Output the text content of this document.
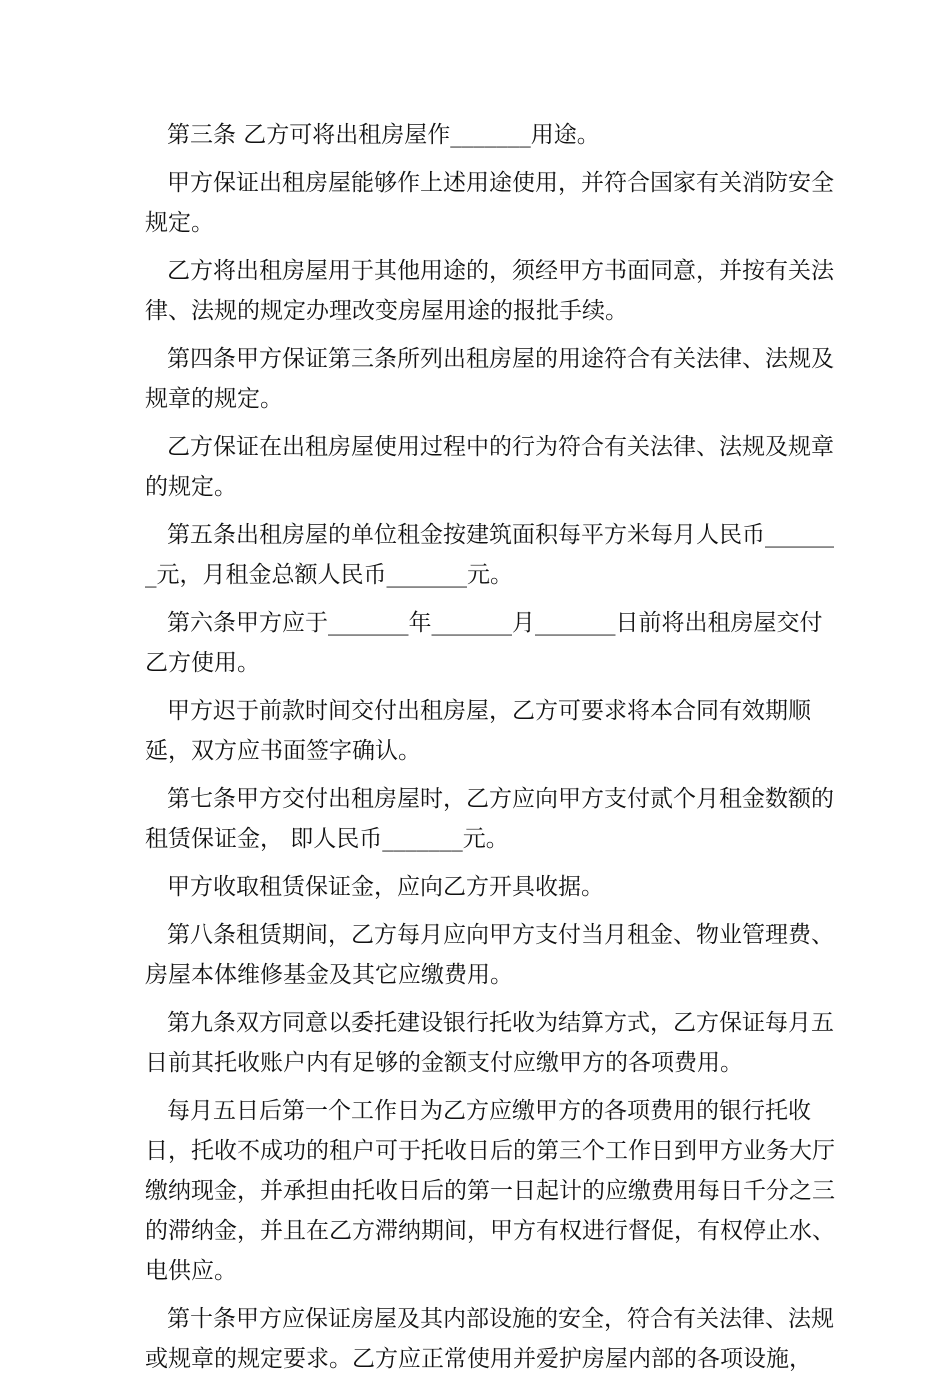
第三条 乙方可将出租房屋作_______用途。

甲方保证出租房屋能够作上述用途使用，并符合国家有关消防安全规定。

乙方将出租房屋用于其他用途的，须经甲方书面同意，并按有关法律、法规的规定办理改变房屋用途的报批手续。

第四条甲方保证第三条所列出租房屋的用途符合有关法律、法规及规章的规定。

乙方保证在出租房屋使用过程中的行为符合有关法律、法规及规章的规定。

第五条出租房屋的单位租金按建筑面积每平方米每月人民币_______元，月租金总额人民币_______元。

第六条甲方应于_______年_______月_______日前将出租房屋交付乙方使用。

甲方迟于前款时间交付出租房屋，乙方可要求将本合同有效期顺延，双方应书面签字确认。

第七条甲方交付出租房屋时，乙方应向甲方支付贰个月租金数额的租赁保证金， 即人民币_______元。

甲方收取租赁保证金，应向乙方开具收据。

第八条租赁期间，乙方每月应向甲方支付当月租金、物业管理费、房屋本体维修基金及其它应缴费用。

第九条双方同意以委托建设银行托收为结算方式，乙方保证每月五日前其托收账户内有足够的金额支付应缴甲方的各项费用。

每月五日后第一个工作日为乙方应缴甲方的各项费用的银行托收日，托收不成功的租户可于托收日后的第三个工作日到甲方业务大厅缴纳现金，并承担由托收日后的第一日起计的应缴费用每日千分之三的滞纳金，并且在乙方滞纳期间，甲方有权进行督促，有权停止水、电供应。

第十条甲方应保证房屋及其内部设施的安全，符合有关法律、法规或规章的规定要求。乙方应正常使用并爱护房屋内部的各项设施，
